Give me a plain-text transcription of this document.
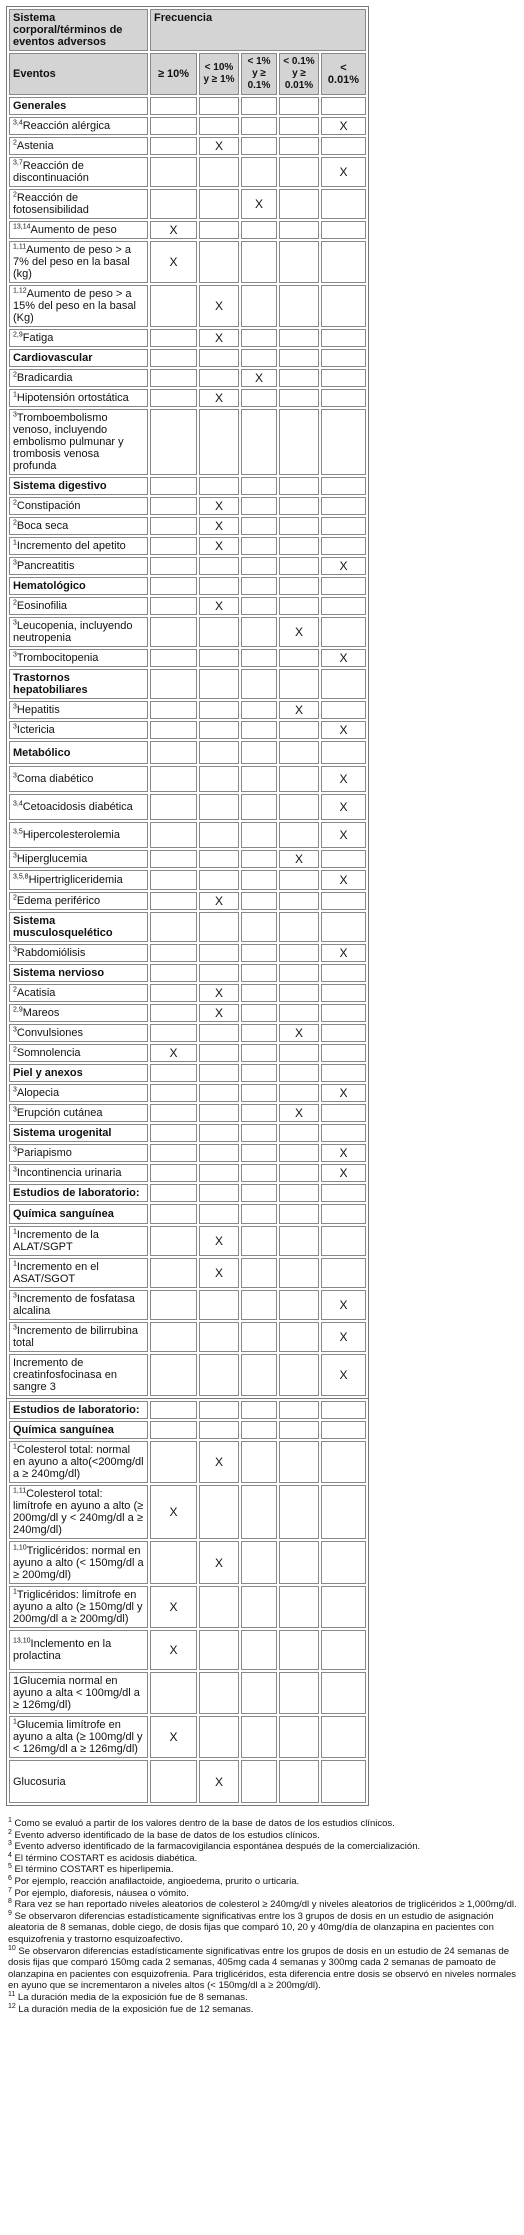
Sistema corporal/términos de eventos adversos	Frecuencia				
Eventos	≥ 10%	< 10% y ≥ 1%	< 1% y ≥ 0.1%	< 0.1% y ≥ 0.01%	< 0.01%
Generales					
$^{3,4}$Reacción alérgica					X
$^2$Astenia		X			
$^{3,7}$Reacción de discontinuación					X
$^2$Reacción de fotosensibilidad			X		
$^{13,14}$Aumento de peso	X				
$^{1,11}$Aumento de peso > a 7% del peso en la basal (kg)	X				
$^{1,12}$Aumento de peso > a 15% del peso en la basal (Kg)		X			
$^{2,9}$Fatiga		X			
Cardiovascular					
$^2$Bradicardia			X		
$^1$Hipotensión ortostática		X			
$^3$Tromboembolismo venoso, incluyendo embolismo pulmunar y trombosis venosa profunda					
Sistema digestivo					
$^2$Constipación		X			
$^2$Boca seca		X			
$^1$Incremento del apetito		X			
$^3$Pancreatitis					X
Hematológico					
$^2$Eosinofilia		X			
$^3$Leucopenia, incluyendo neutropenia				X	
$^3$Trombocitopenia					X
Trastornos hepatobiliares					
$^3$Hepatitis				X	
$^3$Ictericia					X
Metabólico					
$^3$Coma diabético					X
$^{3,4}$Cetoacidosis diabética					X
$^{3,5}$Hipercolesterolemia					X
$^3$Hiperglucemia				X	
$^{3,5,8}$Hipertrigliceridemia					X
$^2$Edema periférico		X			
Sistema musculosquelético					
$^3$Rabdomiólisis					X
Sistema nervioso					
$^2$Acatisia		X			
$^{2,9}$Mareos		X			
$^3$Convulsiones				X	
$^2$Somnolencia	X				
Piel y anexos					
$^3$Alopecia					X
$^3$Erupción cutánea				X	
Sistema urogenital					
$^3$Pariapismo					X
$^3$Incontinencia urinaria					X
Estudios de laboratorio:					
Química sanguínea					
$^1$Incremento de la ALAT/SGPT		X			
$^1$Incremento en el ASAT/SGOT		X			
$^3$Incremento de fosfatasa alcalina					X
$^3$Incremento de bilirrubina total					X
Incremento de creatinfosfocinasa en sangre 3					X
Estudios de laboratorio:					
Química sanguínea					
$^1$Colesterol total: normal en ayuno a alto(<200mg/dl a ≥ 240mg/dl)		X			
$^{1,11}$Colesterol total: limítrofe en ayuno a alto (≥ 200mg/dl y < 240mg/dl a ≥ 240mg/dl)	X				
$^{1,10}$Triglicéridos: normal en ayuno a alto (< 150mg/dl a ≥ 200mg/dl)		X			
$^1$Triglicéridos: limítrofe en ayuno a alto (≥ 150mg/dl y 200mg/dl a ≥ 200mg/dl)	X				
$^{13,10}$Inclemento en la prolactina	X				
1Glucemia normal en ayuno a alta < 100mg/dl a ≥ 126mg/dl)					
$^1$Glucemia limítrofe en ayuno a alta (≥ 100mg/dl y < 126mg/dl a ≥ 126mg/dl)	X				
Glucosuria		X			

$^1$ Como se evaluó a partir de los valores dentro de la base de datos de los estudios clínicos.

$^2$ Evento adverso identificado de la base de datos de los estudios clínicos.

$^3$ Evento adverso identificado de la farmacovigilancia espontánea después de la comercialización.

$^4$ El término COSTART es acidosis diabética.

$^5$ El término COSTART es hiperlipemia.

$^6$ Por ejemplo, reacción anafilactoide, angioedema, prurito o urticaria.

$^7$ Por ejemplo, diaforesis, náusea o vómito.

$^8$ Rara vez se han reportado niveles aleatorios de colesterol ≥ 240mg/dl y niveles aleatorios de triglicéridos ≥ 1,000mg/dl.

$^9$ Se observaron diferencias estadísticamente significativas entre los 3 grupos de dosis en un estudio de asignación aleatoria de 8 semanas, doble ciego, de dosis fijas que comparó 10, 20 y 40mg/día de olanzapina en pacientes con esquizofrenia y trastorno esquizoafectivo.

$^{10}$ Se observaron diferencias estadísticamente significativas entre los grupos de dosis en un estudio de 24 semanas de dosis fijas que comparó 150mg cada 2 semanas, 405mg cada 4 semanas y 300mg cada 2 semanas de pamoato de olanzapina en pacientes con esquizofrenia. Para triglicéridos, esta diferencia entre dosis se observó en niveles normales en ayuno que se incrementaron a niveles altos (< 150mg/dl a ≥ 200mg/dl).

$^{11}$ La duración media de la exposición fue de 8 semanas.

$^{12}$ La duración media de la exposición fue de 12 semanas.
